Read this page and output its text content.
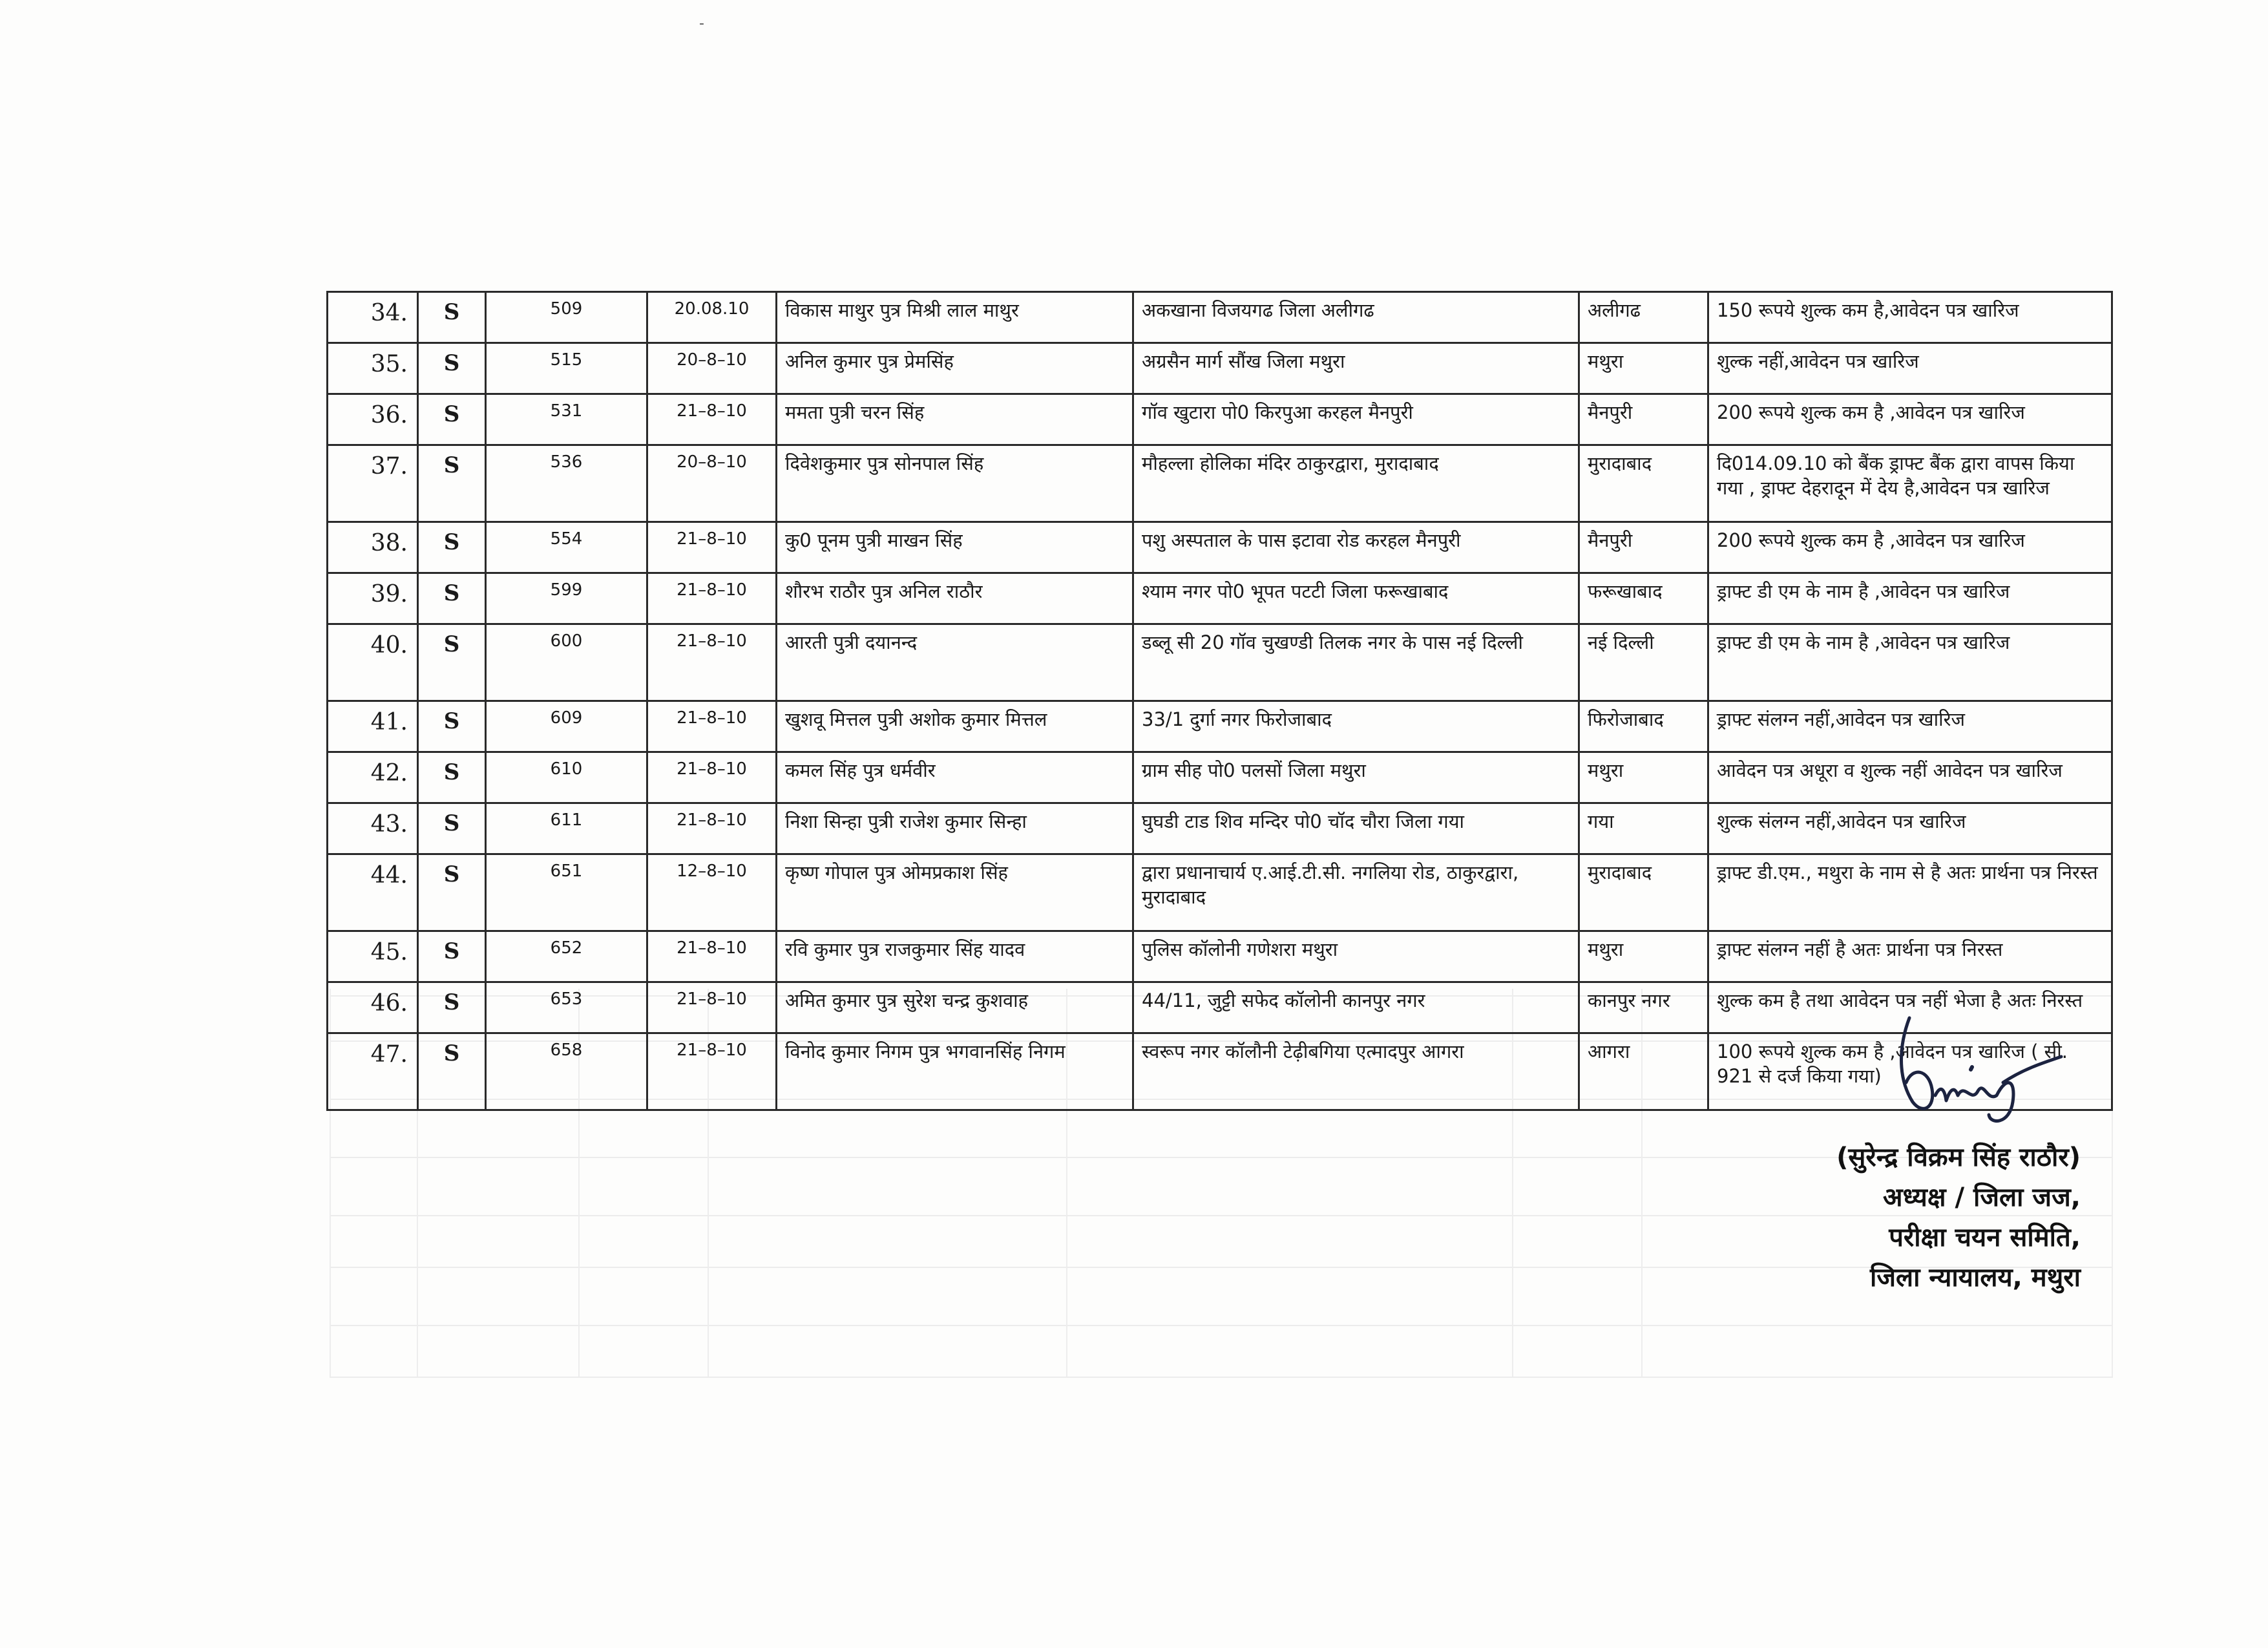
-
34.	S	509	20.08.10	विकास माथुर पुत्र मिश्री लाल माथुर	अकखाना विजयगढ जिला अलीगढ	अलीगढ	150 रूपये शुल्क कम है,आवेदन पत्र खारिज
35.	S	515	20–8–10	अनिल कुमार पुत्र प्रेमसिंह	अग्रसैन मार्ग सौंख जिला मथुरा	मथुरा	शुल्क नहीं,आवेदन पत्र खारिज
36.	S	531	21–8–10	ममता पुत्री चरन सिंह	गॉव खुटारा पो0 किरपुआ करहल मैनपुरी	मैनपुरी	200 रूपये शुल्क कम है ,आवेदन पत्र खारिज
37.	S	536	20–8–10	दिवेशकुमार पुत्र सोनपाल सिंह	मौहल्ला होलिका मंदिर ठाकुरद्वारा, मुरादाबाद	मुरादाबाद	दि014.09.10 को बैंक ड्राफ्ट बैंक द्वारा वापस किया गया , ड्राफ्ट देहरादून में देय है,आवेदन पत्र खारिज
38.	S	554	21–8–10	कु0 पूनम पुत्री माखन सिंह	पशु अस्पताल के पास इटावा रोड करहल मैनपुरी	मैनपुरी	200 रूपये शुल्क कम है ,आवेदन पत्र खारिज
39.	S	599	21–8–10	शौरभ राठौर पुत्र अनिल राठौर	श्याम नगर पो0 भूपत पटटी जिला फरूखाबाद	फरूखाबाद	ड्राफ्ट डी एम के नाम है ,आवेदन पत्र खारिज
40.	S	600	21–8–10	आरती पुत्री दयानन्द	डब्लू सी 20 गॉव चुखण्डी तिलक नगर के पास नई दिल्ली	नई दिल्ली	ड्राफ्ट डी एम के नाम है ,आवेदन पत्र खारिज
41.	S	609	21–8–10	खुशवू मित्तल पुत्री अशोक कुमार मित्तल	33/1 दुर्गा नगर फिरोजाबाद	फिरोजाबाद	ड्राफ्ट संलग्न नहीं,आवेदन पत्र खारिज
42.	S	610	21–8–10	कमल सिंह पुत्र धर्मवीर	ग्राम सीह पो0 पलसों जिला मथुरा	मथुरा	आवेदन पत्र अधूरा व शुल्क नहीं आवेदन पत्र खारिज
43.	S	611	21–8–10	निशा सिन्हा पुत्री राजेश कुमार सिन्हा	घुघडी टाड शिव मन्दिर पो0 चॉद चौरा जिला गया	गया	शुल्क संलग्न नहीं,आवेदन पत्र खारिज
44.	S	651	12–8–10	कृष्ण गोपाल पुत्र ओमप्रकाश सिंह	द्वारा प्रधानाचार्य ए.आई.टी.सी. नगलिया रोड, ठाकुरद्वारा, मुरादाबाद	मुरादाबाद	ड्राफ्ट डी.एम., मथुरा के नाम से है अतः प्रार्थना पत्र निरस्त
45.	S	652	21–8–10	रवि कुमार पुत्र राजकुमार सिंह यादव	पुलिस कॉलोनी गणेशरा मथुरा	मथुरा	ड्राफ्ट संलग्न नहीं है अतः प्रार्थना पत्र निरस्त
46.	S	653	21–8–10	अमित कुमार पुत्र सुरेश चन्द्र कुशवाह	44/11, जुट्टी सफेद कॉलोनी कानपुर नगर	कानपुर नगर	शुल्क कम है तथा आवेदन पत्र नहीं भेजा है अतः निरस्त
47.	S	658	21–8–10	विनोद कुमार निगम पुत्र भगवानसिंह निगम	स्वरूप नगर कॉलौनी टेढ़ीबगिया एत्मादपुर आगरा	आगरा	100 रूपये शुल्क कम है ,आवेदन पत्र खारिज ( सी. 921 से दर्ज किया गया)
(सुरेन्द्र विक्रम सिंह राठौर)
अध्यक्ष / जिला जज,
परीक्षा चयन समिति,
जिला न्यायालय, मथुरा
